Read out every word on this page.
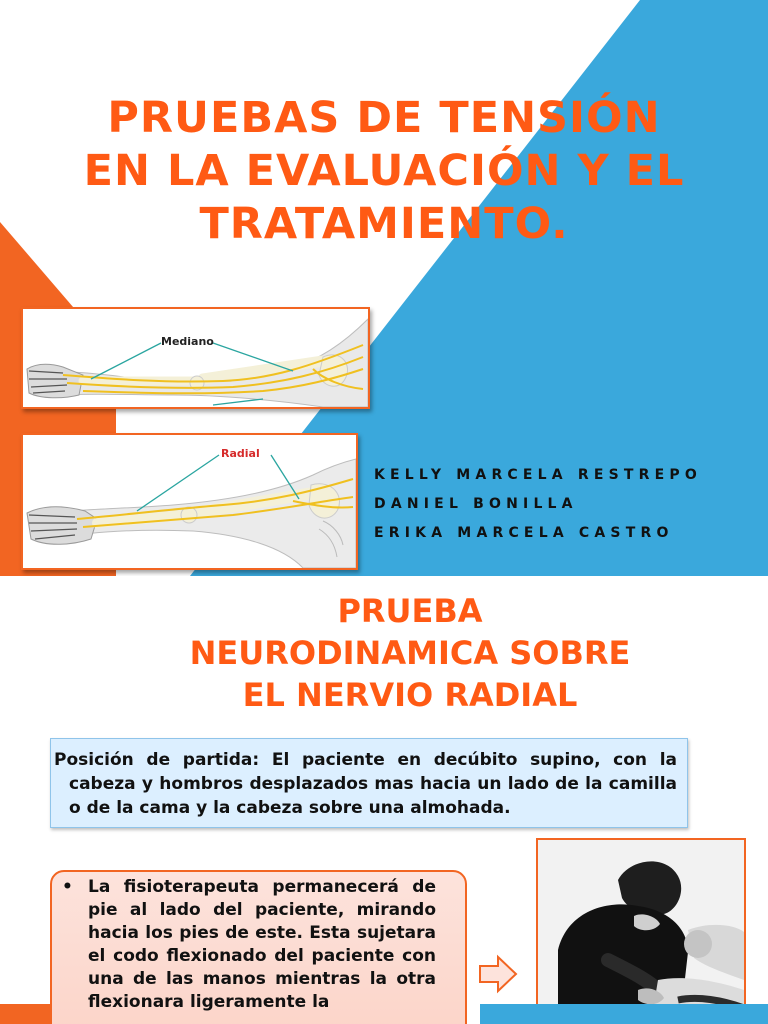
PRUEBAS DE TENSIÓN
EN LA EVALUACIÓN Y EL
TRATAMIENTO.
Mediano
Radial
KELLY MARCELA RESTREPO
DANIEL BONILLA
ERIKA MARCELA CASTRO
PRUEBA
NEURODINAMICA SOBRE
EL NERVIO RADIAL
Posición de partida: El paciente en decúbito supino, con la cabeza y hombros desplazados mas hacia un lado de la camilla o de la cama y la cabeza sobre una almohada.
• La fisioterapeuta permanecerá de pie al lado del paciente, mirando hacia los pies de este. Esta sujetara el codo flexionado del paciente con una de las manos mientras la otra flexionara ligeramente la
